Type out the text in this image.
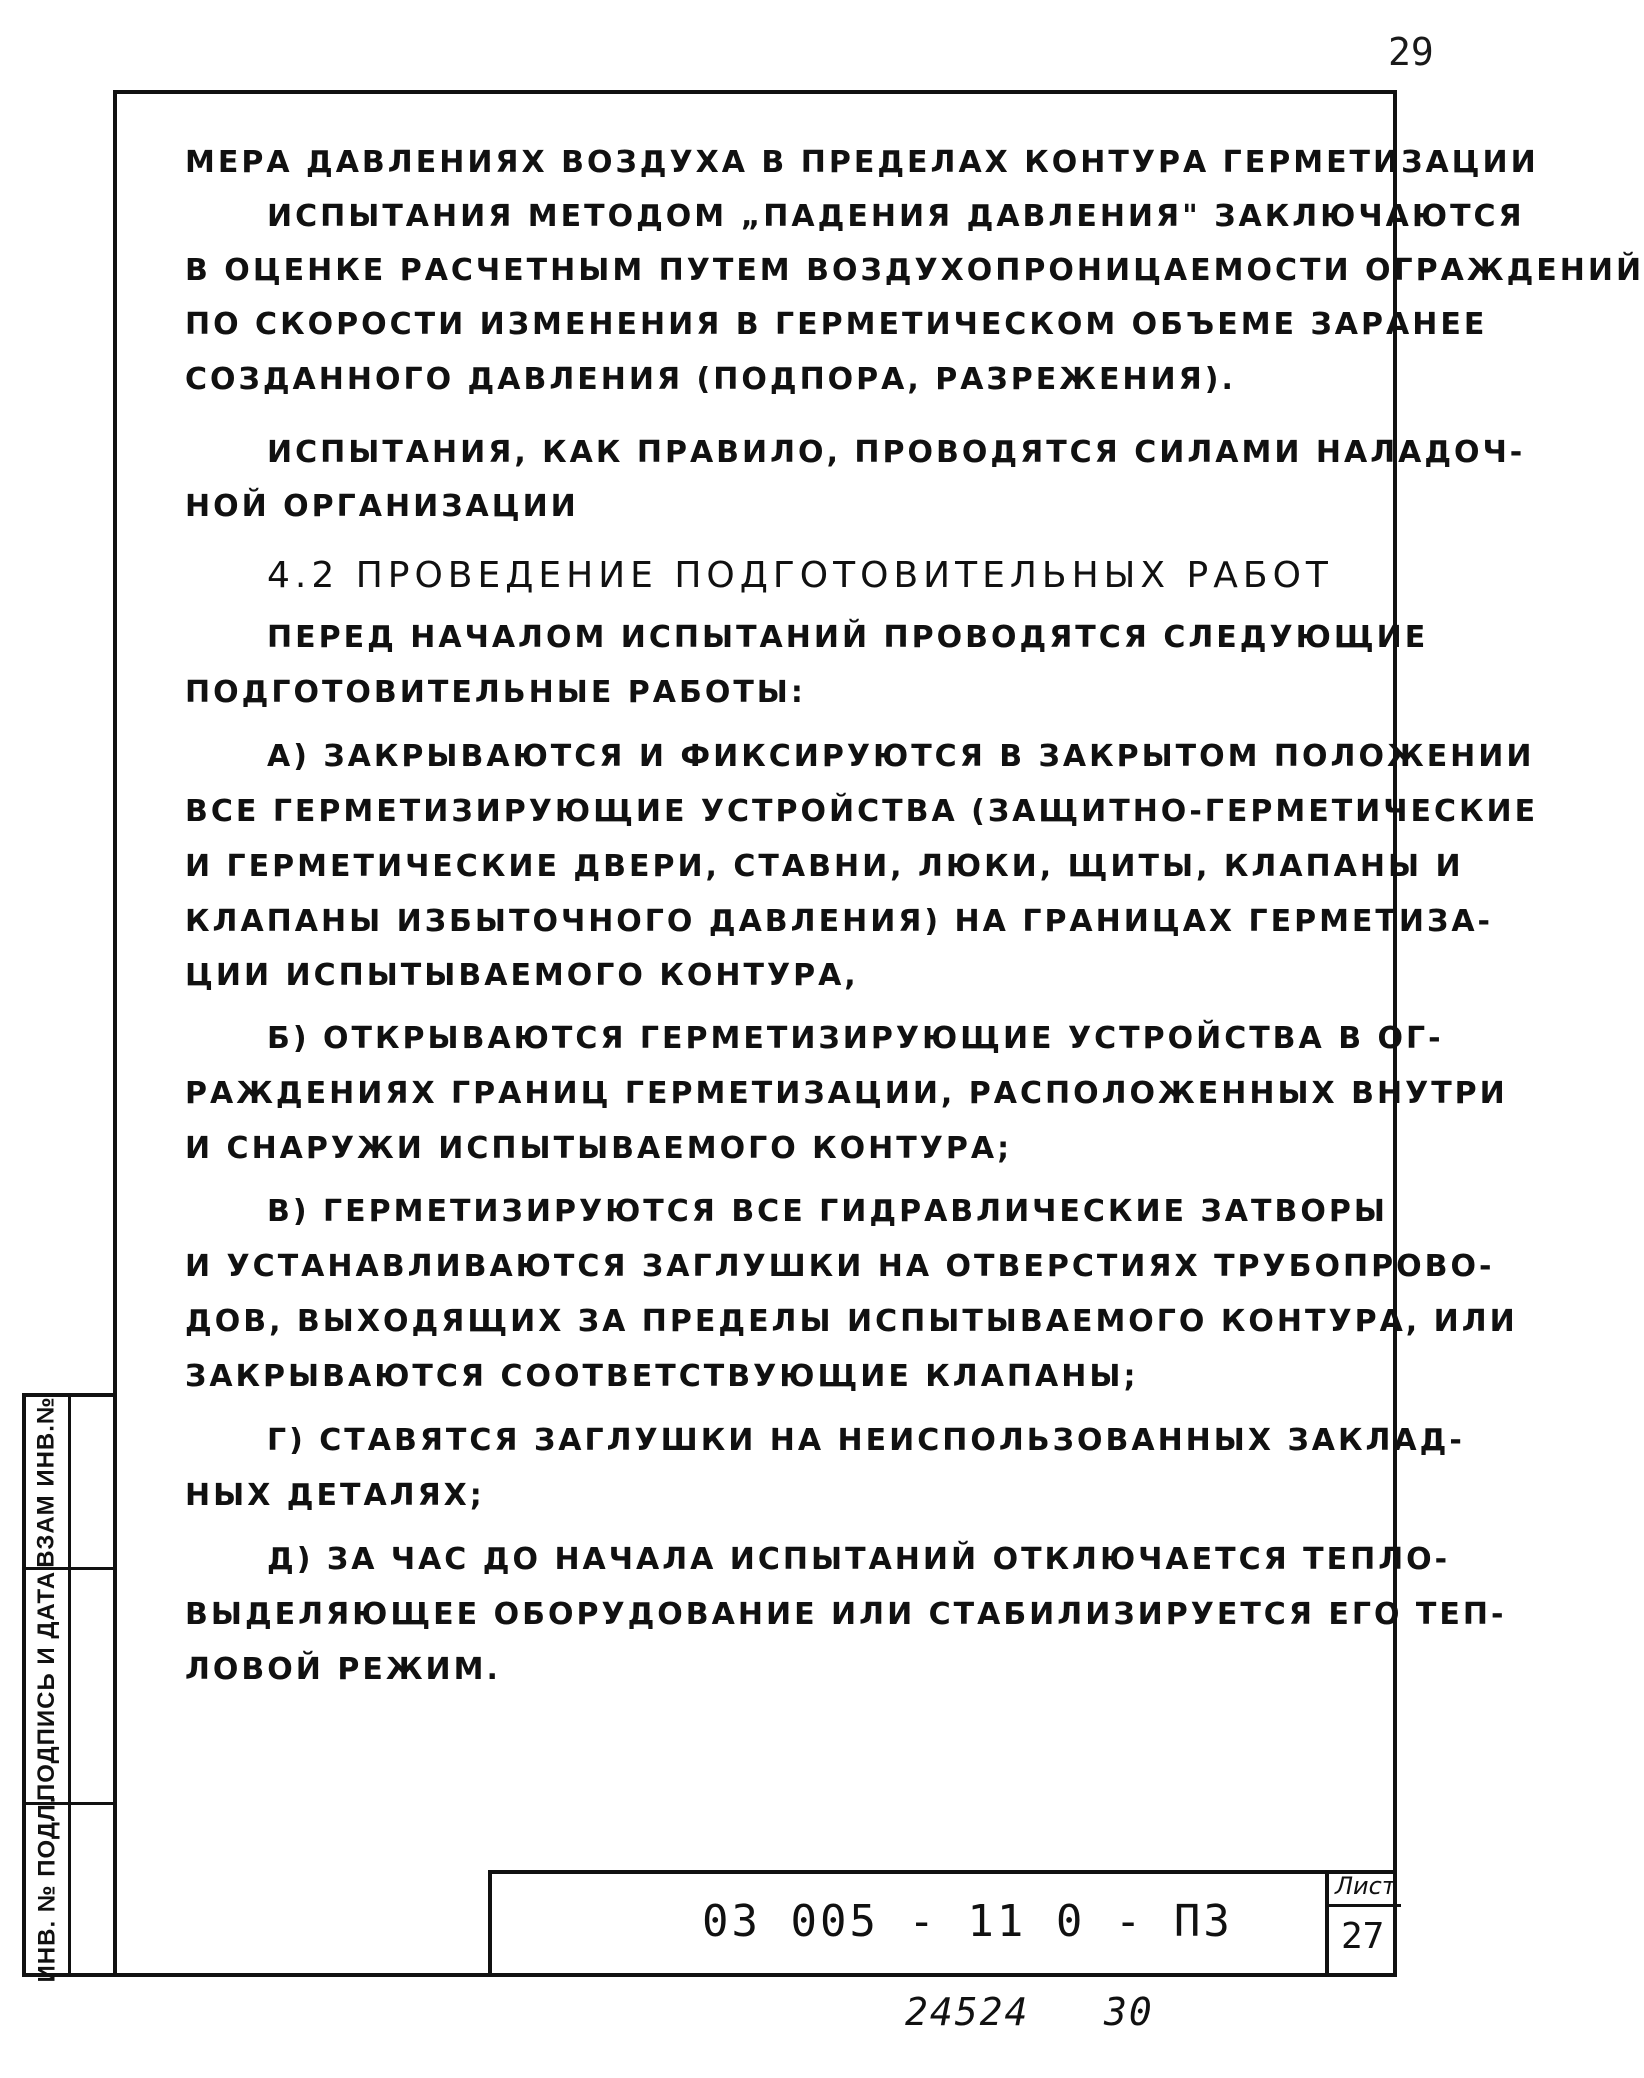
29
МЕРА ДАВЛЕНИЯХ ВОЗДУХА В ПРЕДЕЛАХ КОНТУРА ГЕРМЕТИЗАЦИИ
ИСПЫТАНИЯ МЕТОДОМ „ПАДЕНИЯ ДАВЛЕНИЯ" ЗАКЛЮЧАЮТСЯ
В ОЦЕНКЕ РАСЧЕТНЫМ ПУТЕМ ВОЗДУХОПРОНИЦАЕМОСТИ ОГРАЖДЕНИЙ
ПО СКОРОСТИ ИЗМЕНЕНИЯ В ГЕРМЕТИЧЕСКОМ ОБЪЕМЕ ЗАРАНЕЕ
СОЗДАННОГО ДАВЛЕНИЯ (ПОДПОРА, РАЗРЕЖЕНИЯ).
ИСПЫТАНИЯ, КАК ПРАВИЛО, ПРОВОДЯТСЯ СИЛАМИ НАЛАДОЧ-
НОЙ ОРГАНИЗАЦИИ
4.2 ПРОВЕДЕНИЕ ПОДГОТОВИТЕЛЬНЫХ РАБОТ
ПЕРЕД НАЧАЛОМ ИСПЫТАНИЙ ПРОВОДЯТСЯ СЛЕДУЮЩИЕ
ПОДГОТОВИТЕЛЬНЫЕ РАБОТЫ:
А) ЗАКРЫВАЮТСЯ И ФИКСИРУЮТСЯ В ЗАКРЫТОМ ПОЛОЖЕНИИ
ВСЕ ГЕРМЕТИЗИРУЮЩИЕ УСТРОЙСТВА (ЗАЩИТНО-ГЕРМЕТИЧЕСКИЕ
И ГЕРМЕТИЧЕСКИЕ ДВЕРИ, СТАВНИ, ЛЮКИ, ЩИТЫ, КЛАПАНЫ И
КЛАПАНЫ ИЗБЫТОЧНОГО ДАВЛЕНИЯ) НА ГРАНИЦАХ ГЕРМЕТИЗА-
ЦИИ ИСПЫТЫВАЕМОГО КОНТУРА,
Б) ОТКРЫВАЮТСЯ ГЕРМЕТИЗИРУЮЩИЕ УСТРОЙСТВА В ОГ-
РАЖДЕНИЯХ ГРАНИЦ ГЕРМЕТИЗАЦИИ, РАСПОЛОЖЕННЫХ ВНУТРИ
И СНАРУЖИ ИСПЫТЫВАЕМОГО КОНТУРА;
В) ГЕРМЕТИЗИРУЮТСЯ ВСЕ ГИДРАВЛИЧЕСКИЕ ЗАТВОРЫ
И УСТАНАВЛИВАЮТСЯ ЗАГЛУШКИ НА ОТВЕРСТИЯХ ТРУБОПРОВО-
ДОВ, ВЫХОДЯЩИХ ЗА ПРЕДЕЛЫ ИСПЫТЫВАЕМОГО КОНТУРА, ИЛИ
ЗАКРЫВАЮТСЯ СООТВЕТСТВУЮЩИЕ КЛАПАНЫ;
Г) СТАВЯТСЯ ЗАГЛУШКИ НА НЕИСПОЛЬЗОВАННЫХ ЗАКЛАД-
НЫХ ДЕТАЛЯХ;
Д) ЗА ЧАС ДО НАЧАЛА ИСПЫТАНИЙ ОТКЛЮЧАЕТСЯ ТЕПЛО-
ВЫДЕЛЯЮЩЕЕ ОБОРУДОВАНИЕ ИЛИ СТАБИЛИЗИРУЕТСЯ ЕГО ТЕП-
ЛОВОЙ РЕЖИМ.
ВЗАМ ИНВ.№
ПОДПИСЬ И ДАТА
ИНВ. № ПОДЛ.	03 005 - 11 0 - П3
Лист
27
24524   30
